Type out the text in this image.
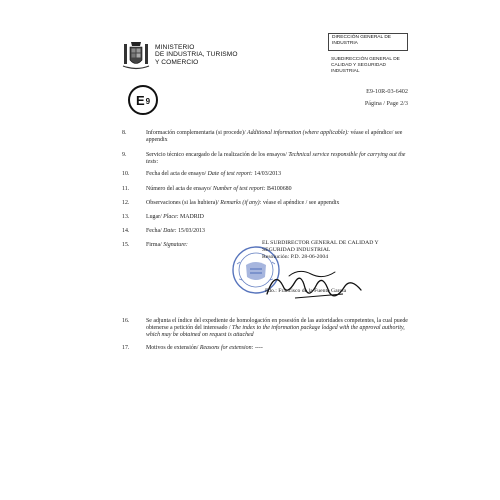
MINISTERIO
DE INDUSTRIA, TURISMO
Y COMERCIO
DIRECCIÓN GENERAL DE
INDUSTRIA
SUBDIRECCIÓN GENERAL DE
CALIDAD Y SEGURIDAD
INDUSTRIAL
E 9
E9-10R-03-6402
Página / Page 2/3
8.	Información complementaria (si procede)/ Additional information (where applicable): véase el apéndice/ see appendix
9.	Servicio técnico encargado de la realización de los ensayos/ Technical service responsible for carrying out the tests:
10.	Fecha del acta de ensayo/ Date of test report: 14/03/2013
11.	Número del acta de ensayo/ Number of test report: B4100680
12.	Observaciones (si las hubiera)/ Remarks (if any): véase el apéndice / see appendix
13.	Lugar/ Place: MADRID
14.	Fecha/ Date: 15/03/2013
15.	Firma/ Signature:	EL SUBDIRECTOR GENERAL DE CALIDAD Y
SEGURIDAD INDUSTRIAL
Resolución: P.D. 28-06-2004
Fdo.: Francisco de la Fuente García
16.	Se adjunta el índice del expediente de homologación en posesión de las autoridades competentes, la cual puede obtenerse a petición del interesado / The index to the information package lodged with the approval authority, which may be obtained on request is attached
17.	Motivos de extensión/ Reasons for extension: ----
